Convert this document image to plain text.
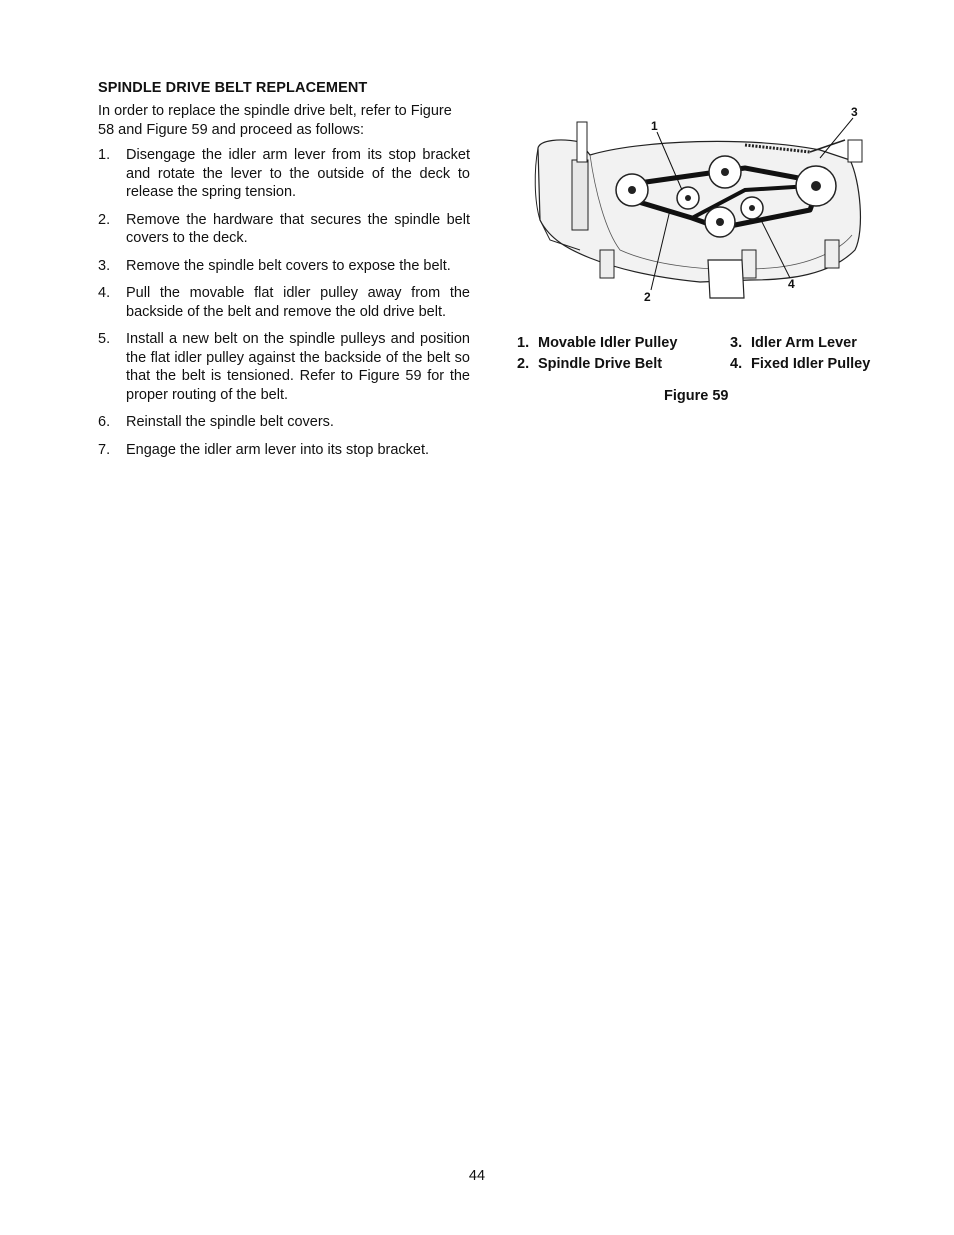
SPINDLE DRIVE BELT REPLACEMENT

In order to replace the spindle drive belt, refer to Figure 58 and Figure 59 and proceed as follows:

1.	Disengage the idler arm lever from its stop bracket and rotate the lever to the outside of the deck to release the spring tension.
2.	Remove the hardware that secures the spindle belt covers to the deck.
3.	Remove the spindle belt covers to expose the belt.
4.	Pull the movable flat idler pulley away from the backside of the belt and remove the old drive belt.
5.	Install a new belt on the spindle pulleys and position the flat idler pulley against the backside of the belt so that the belt is tensioned. Refer to Figure 59 for the proper routing of the belt.
6.	Reinstall the spindle belt covers.
7.	Engage the idler arm lever into its stop bracket.
1
2
3
4
1. Movable Idler Pulley	3. Idler Arm Lever
2. Spindle Drive Belt	4. Fixed Idler Pulley
Figure 59
44
